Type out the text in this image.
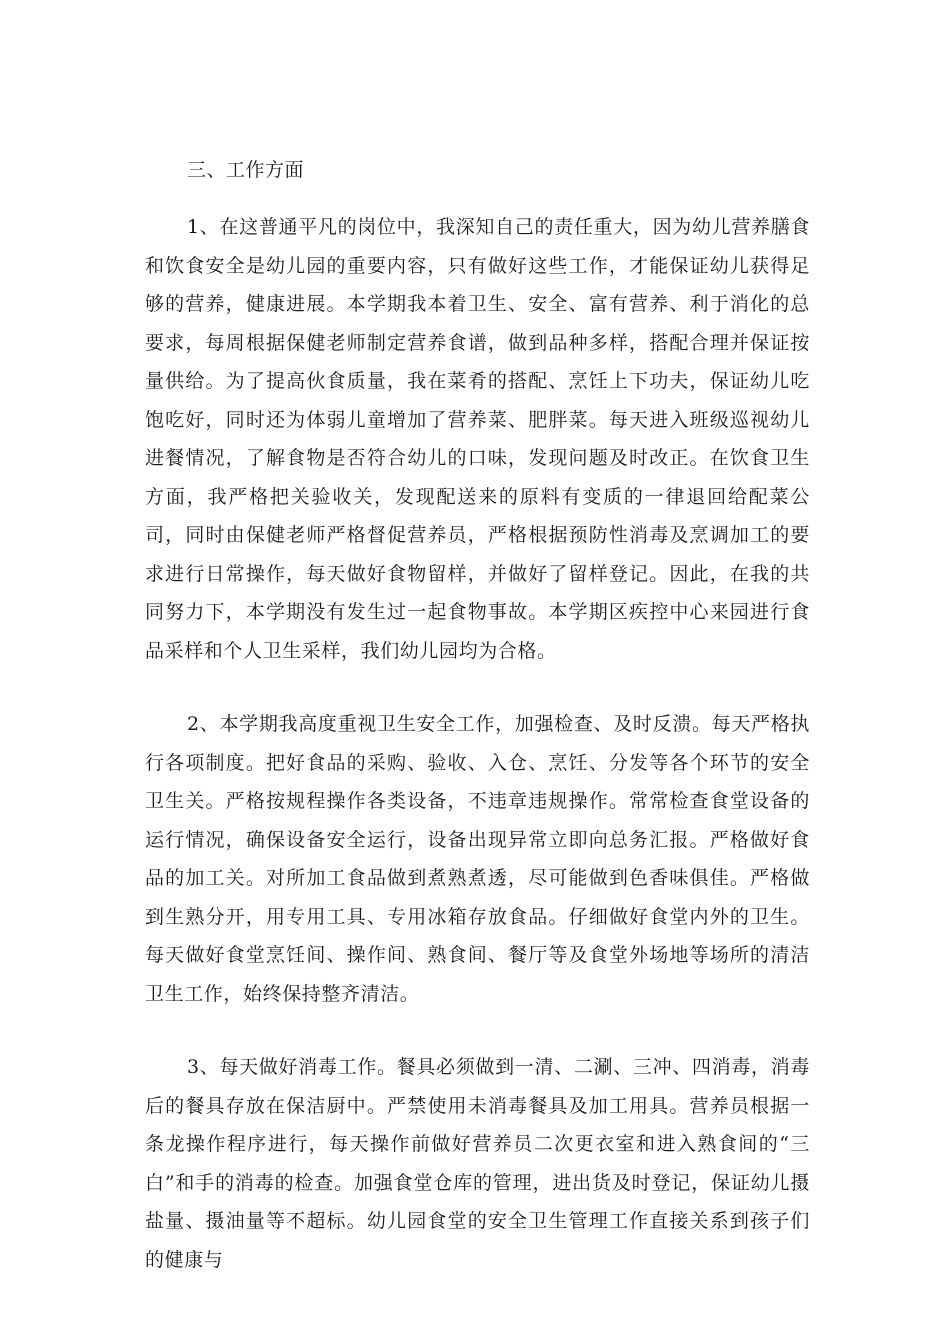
三、工作方面

1、在这普通平凡的岗位中，我深知自己的责任重大，因为幼儿营养膳食和饮食安全是幼儿园的重要内容，只有做好这些工作，才能保证幼儿获得足够的营养，健康进展。本学期我本着卫生、安全、富有营养、利于消化的总要求，每周根据保健老师制定营养食谱，做到品种多样，搭配合理并保证按量供给。为了提高伙食质量，我在菜肴的搭配、烹饪上下功夫，保证幼儿吃饱吃好，同时还为体弱儿童增加了营养菜、肥胖菜。每天进入班级巡视幼儿进餐情况，了解食物是否符合幼儿的口味，发现问题及时改正。在饮食卫生方面，我严格把关验收关，发现配送来的原料有变质的一律退回给配菜公司，同时由保健老师严格督促营养员，严格根据预防性消毒及烹调加工的要求进行日常操作，每天做好食物留样，并做好了留样登记。因此，在我的共同努力下，本学期没有发生过一起食物事故。本学期区疾控中心来园进行食品采样和个人卫生采样，我们幼儿园均为合格。

2、本学期我高度重视卫生安全工作，加强检查、及时反溃。每天严格执行各项制度。把好食品的采购、验收、入仓、烹饪、分发等各个环节的安全卫生关。严格按规程操作各类设备，不违章违规操作。常常检查食堂设备的运行情况，确保设备安全运行，设备出现异常立即向总务汇报。严格做好食品的加工关。对所加工食品做到煮熟煮透，尽可能做到色香味俱佳。严格做到生熟分开，用专用工具、专用冰箱存放食品。仔细做好食堂内外的卫生。每天做好食堂烹饪间、操作间、熟食间、餐厅等及食堂外场地等场所的清洁卫生工作，始终保持整齐清洁。

3、每天做好消毒工作。餐具必须做到一清、二涮、三冲、四消毒，消毒后的餐具存放在保洁厨中。严禁使用未消毒餐具及加工用具。营养员根据一条龙操作程序进行，每天操作前做好营养员二次更衣室和进入熟食间的“三白”和手的消毒的检查。加强食堂仓库的管理，进出货及时登记，保证幼儿摄盐量、摄油量等不超标。幼儿园食堂的安全卫生管理工作直接关系到孩子们的健康与
